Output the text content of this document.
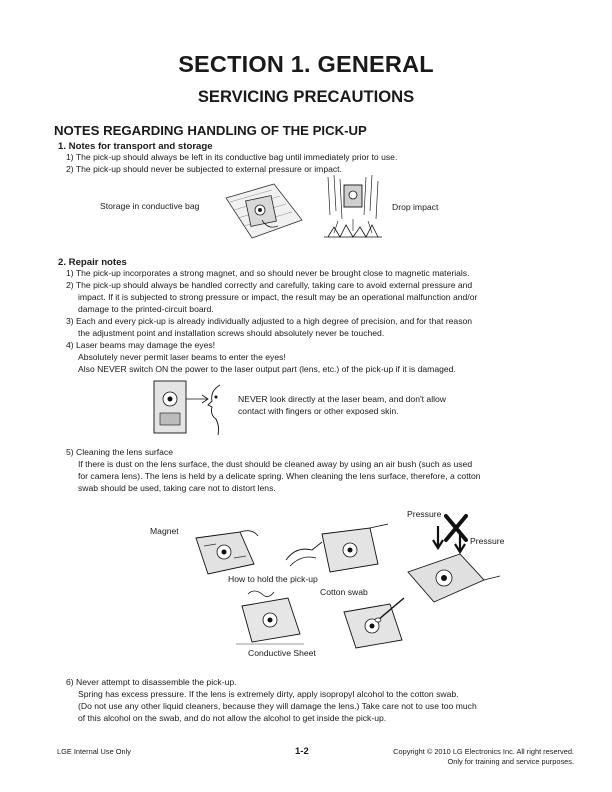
SECTION 1. GENERAL
SERVICING PRECAUTIONS
NOTES REGARDING HANDLING OF THE PICK-UP
1. Notes for transport and storage
1) The pick-up should always be left in its conductive bag until immediately prior to use.
2) The pick-up should never be subjected to external pressure or impact.
Storage in conductive bag	Drop impact
2. Repair notes
1) The pick-up incorporates a strong magnet, and so should never be brought close to magnetic materials.
2) The pick-up should always be handled correctly and carefully, taking care to avoid external pressure and
impact. If it is subjected to strong pressure or impact, the result may be an operational malfunction and/or
damage to the printed-circuit board.
3) Each and every pick-up is already individually adjusted to a high degree of precision, and for that reason
the adjustment point and installation screws should absolutely never be touched.
4) Laser beams may damage the eyes!
Absolutely never permit laser beams to enter the eyes!
Also NEVER switch ON the power to the laser output part (lens, etc.) of the pick-up if it is damaged.
NEVER look directly at the laser beam, and don't allow
contact with fingers or other exposed skin.
5) Cleaning the lens surface
If there is dust on the lens surface, the dust should be cleaned away by using an air bush (such as used
for camera lens). The lens is held by a delicate spring. When cleaning the lens surface, therefore, a cotton
swab should be used, taking care not to distort lens.
Magnet
Pressure
Pressure
How to hold the pick-up
Cotton swab
Conductive Sheet
6) Never attempt to disassemble the pick-up.
Spring has excess pressure. If the lens is extremely dirty, apply isopropyl alcohol to the cotton swab.
(Do not use any other liquid cleaners, because they will damage the lens.) Take care not to use too much
of this alcohol on the swab, and do not allow the alcohol to get inside the pick-up.
LGE Internal Use Only	1-2	Copyright © 2010 LG Electronics Inc. All right reserved.
Only for training and service purposes.
